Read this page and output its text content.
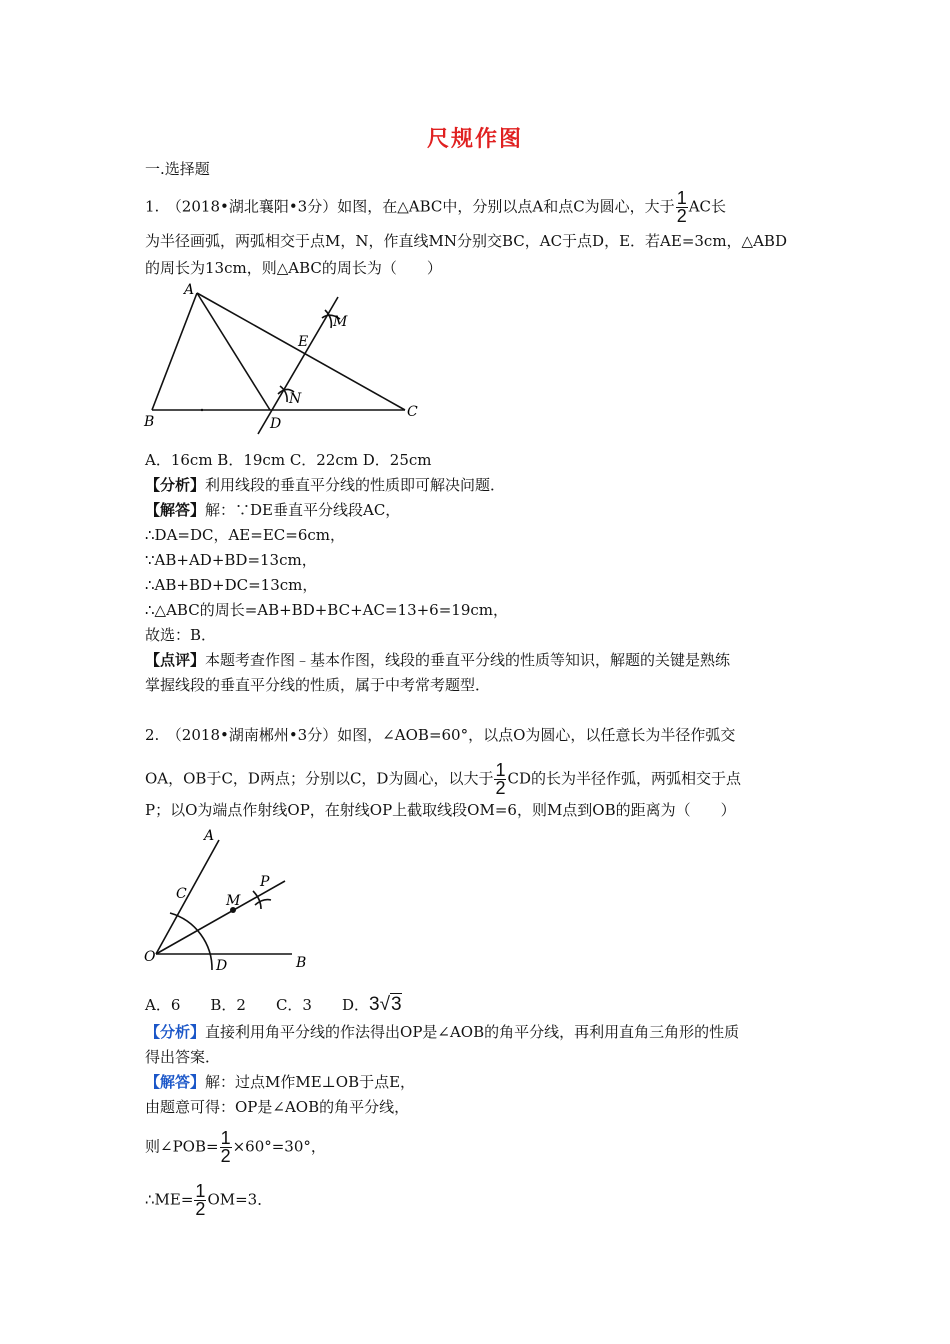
尺规作图
一.选择题
1.　（2018•湖北襄阳•3分）如图，在△ABC中，分别以点A和点C为圆心，大于 $\frac{1}{2}$ AC长
为半径画弧，两弧相交于点M，N，作直线MN分别交BC，AC于点D，E．若AE=3cm，△ABD
的周长为13cm，则△ABC的周长为（　　）
A
B
C
D
E
M
N
A．16cm B．19cm C．22cm D．25cm
【分析】利用线段的垂直平分线的性质即可解决问题．
【解答】解：∵DE垂直平分线段AC，
∴DA=DC，AE=EC=6cm，
∵AB+AD+BD=13cm，
∴AB+BD+DC=13cm，
∴△ABC的周长=AB+BD+BC+AC=13+6=19cm，
故选：B．
【点评】本题考查作图﹣基本作图，线段的垂直平分线的性质等知识，解题的关键是熟练
掌握线段的垂直平分线的性质，属于中考常考题型．
2.　（2018•湖南郴州•3分）如图，∠AOB=60°，以点O为圆心，以任意长为半径作弧交
OA，OB于C，D两点；分别以C，D为圆心，以大于 $\frac{1}{2}$ CD的长为半径作弧，两弧相交于点
P；以O为端点作射线OP，在射线OP上截取线段OM=6，则M点到OB的距离为（　　）
A
B
C
D
O
M
P
A．6　　B．2　　C．3　　D．3√3
【分析】直接利用角平分线的作法得出OP是∠AOB的角平分线，再利用直角三角形的性质
得出答案．
【解答】解：过点M作ME⊥OB于点E，
由题意可得：OP是∠AOB的角平分线，
则∠POB= $\frac{1}{2} \times 60^\circ=30^\circ$，
∴ME= $\frac{1}{2} OM=3$．
